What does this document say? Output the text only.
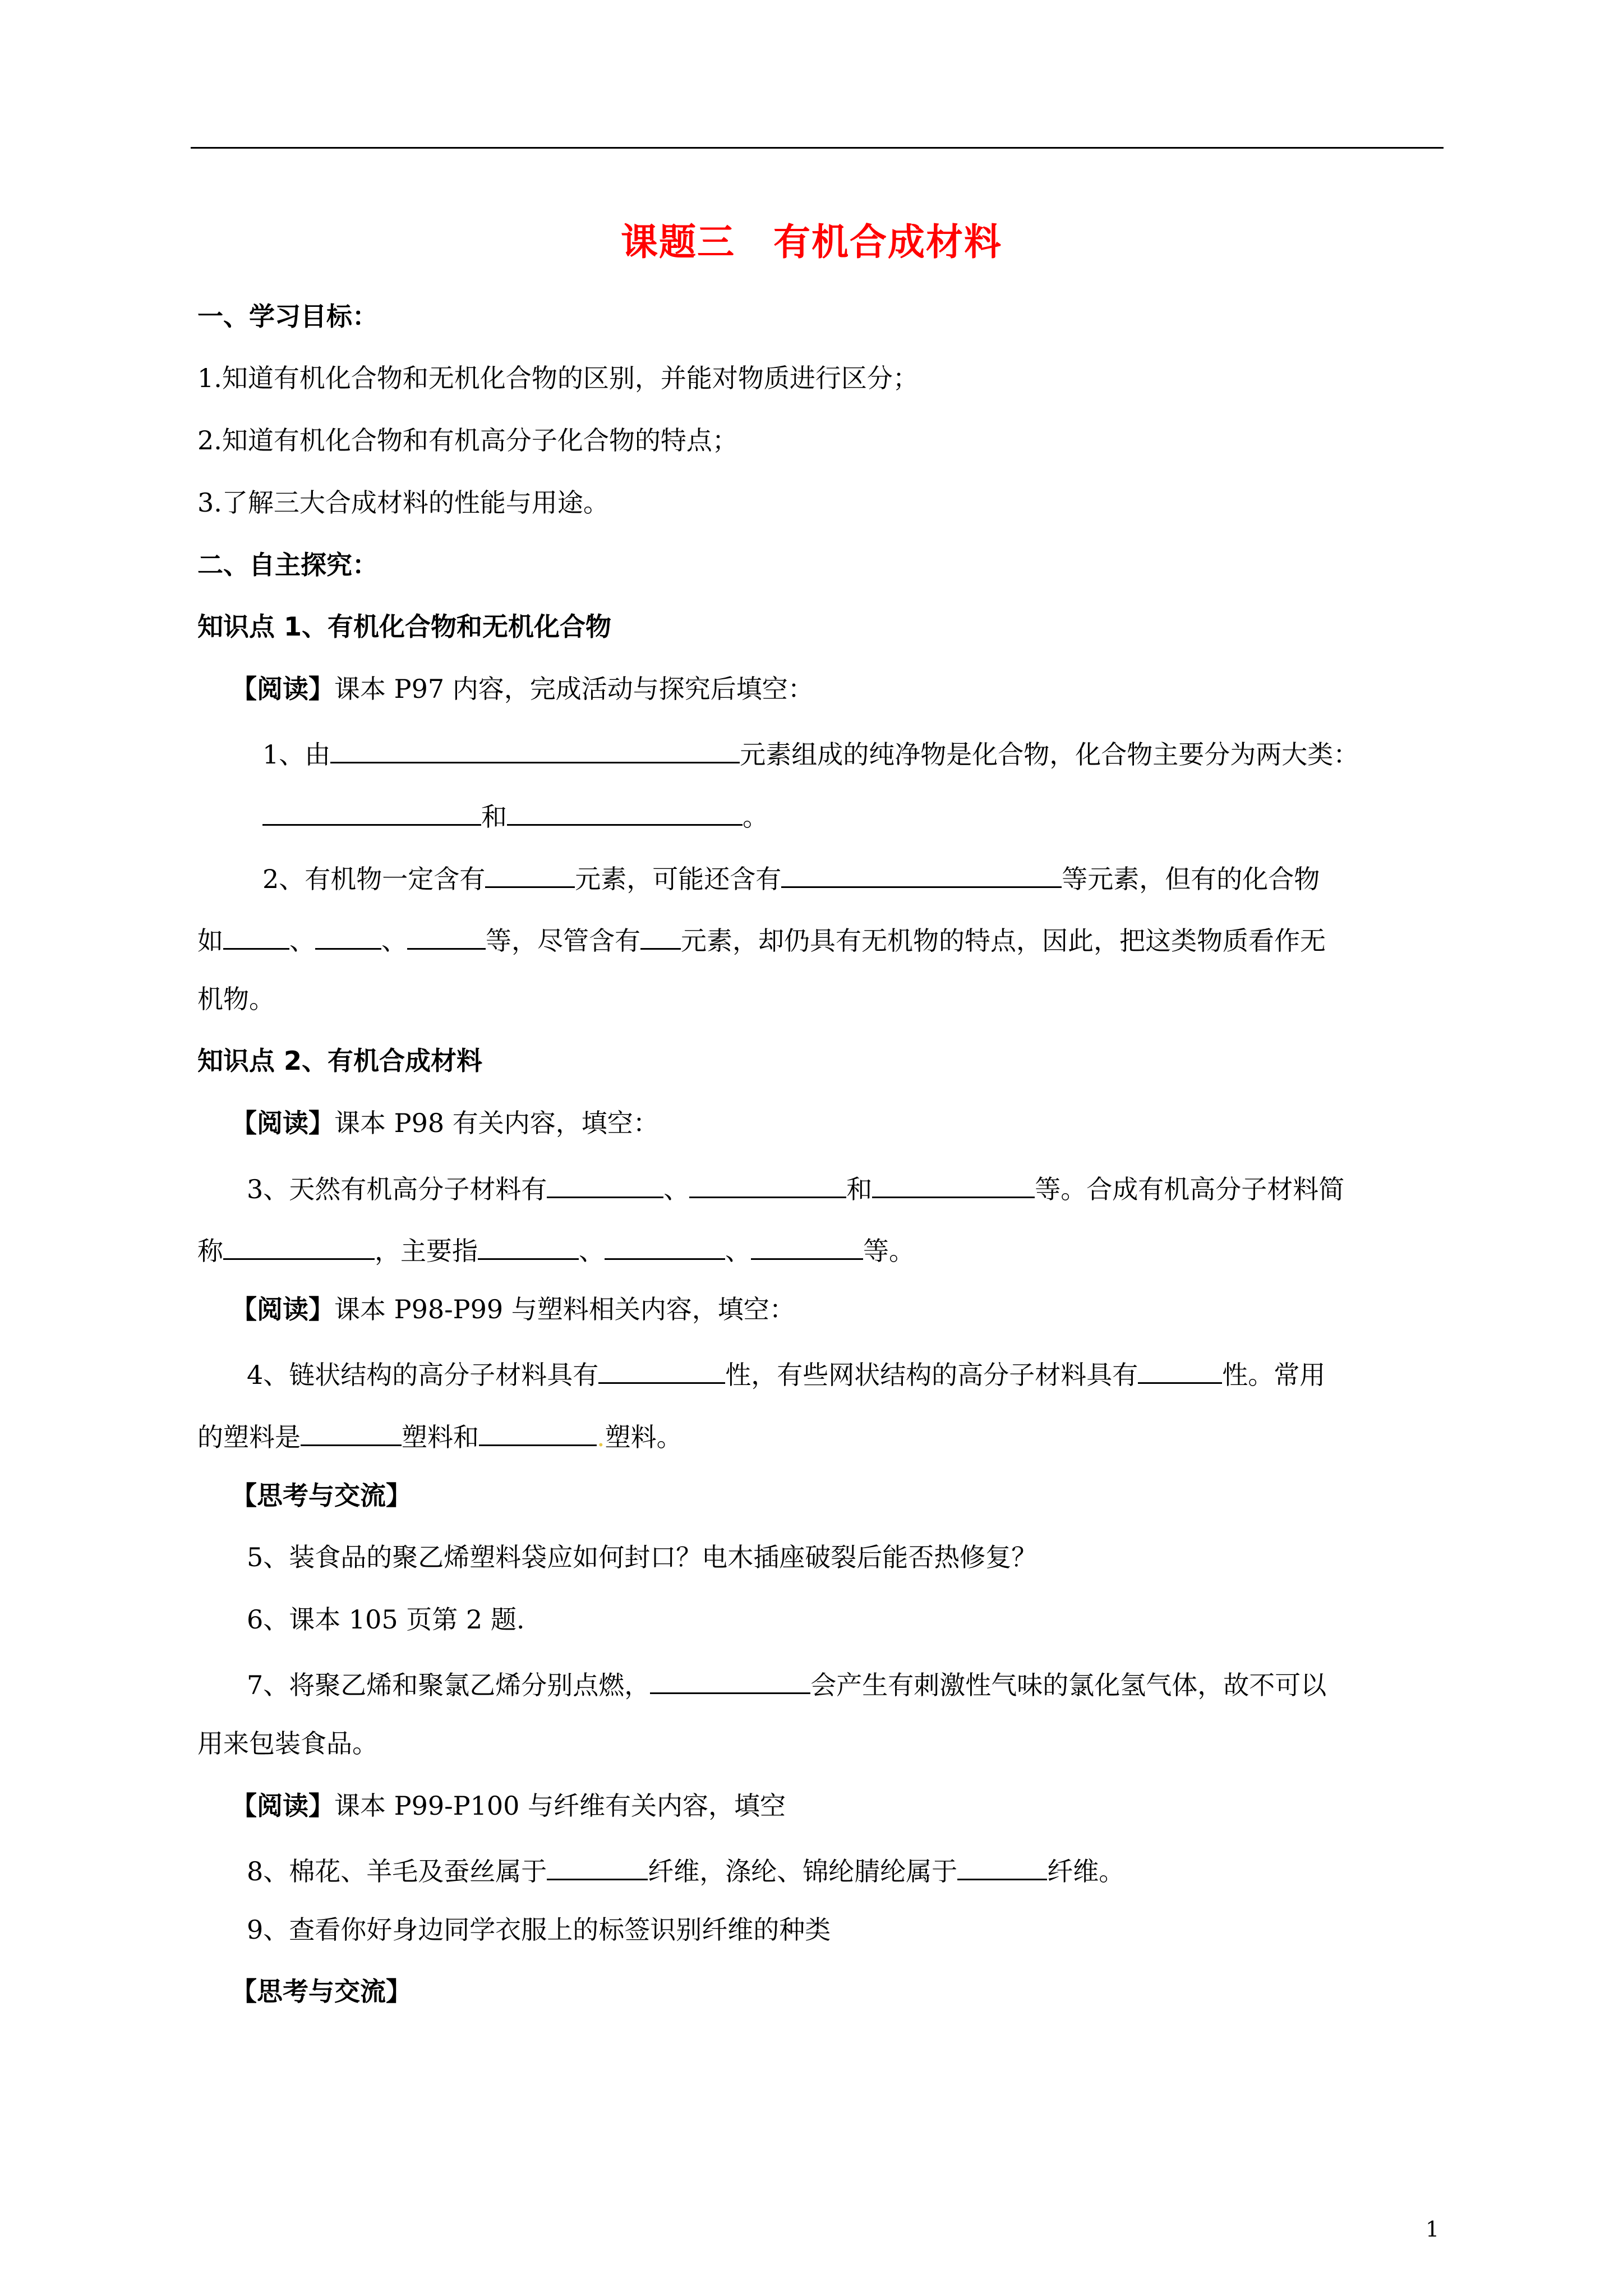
课题三　有机合成材料
一、学习目标：
1.知道有机化合物和无机化合物的区别，并能对物质进行区分；
2.知道有机化合物和有机高分子化合物的特点；
3.了解三大合成材料的性能与用途。
二、自主探究：
知识点 1、有机化合物和无机化合物
【阅读】课本 P97 内容，完成活动与探究后填空：
1、由	元素组成的纯净物是化合物，化合物主要分为两大类：
和	。
2、有机物一定含有	元素，可能还含有	等元素，但有的化合物
如	、	、	等，尽管含有 元素，却仍具有无机物的特点，因此，把这类物质看作无
机物。
知识点 2、有机合成材料
【阅读】课本 P98 有关内容，填空：
3、天然有机高分子材料有	、	和	等。合成有机高分子材料简
称	，主要指	、	、	等。
【阅读】课本 P98-P99 与塑料相关内容，填空：
4、链状结构的高分子材料具有	性，有些网状结构的高分子材料具有	性。常用
的塑料是	塑料和	.塑料。
【思考与交流】
5、装食品的聚乙烯塑料袋应如何封口？电木插座破裂后能否热修复？
6、课本 105 页第 2 题.
7、将聚乙烯和聚氯乙烯分别点燃，	会产生有刺激性气味的氯化氢气体，故不可以
用来包装食品。
【阅读】课本 P99-P100 与纤维有关内容，填空
8、棉花、羊毛及蚕丝属于	纤维，涤纶、锦纶腈纶属于	纤维。
9、查看你好身边同学衣服上的标签识别纤维的种类
【思考与交流】
1
